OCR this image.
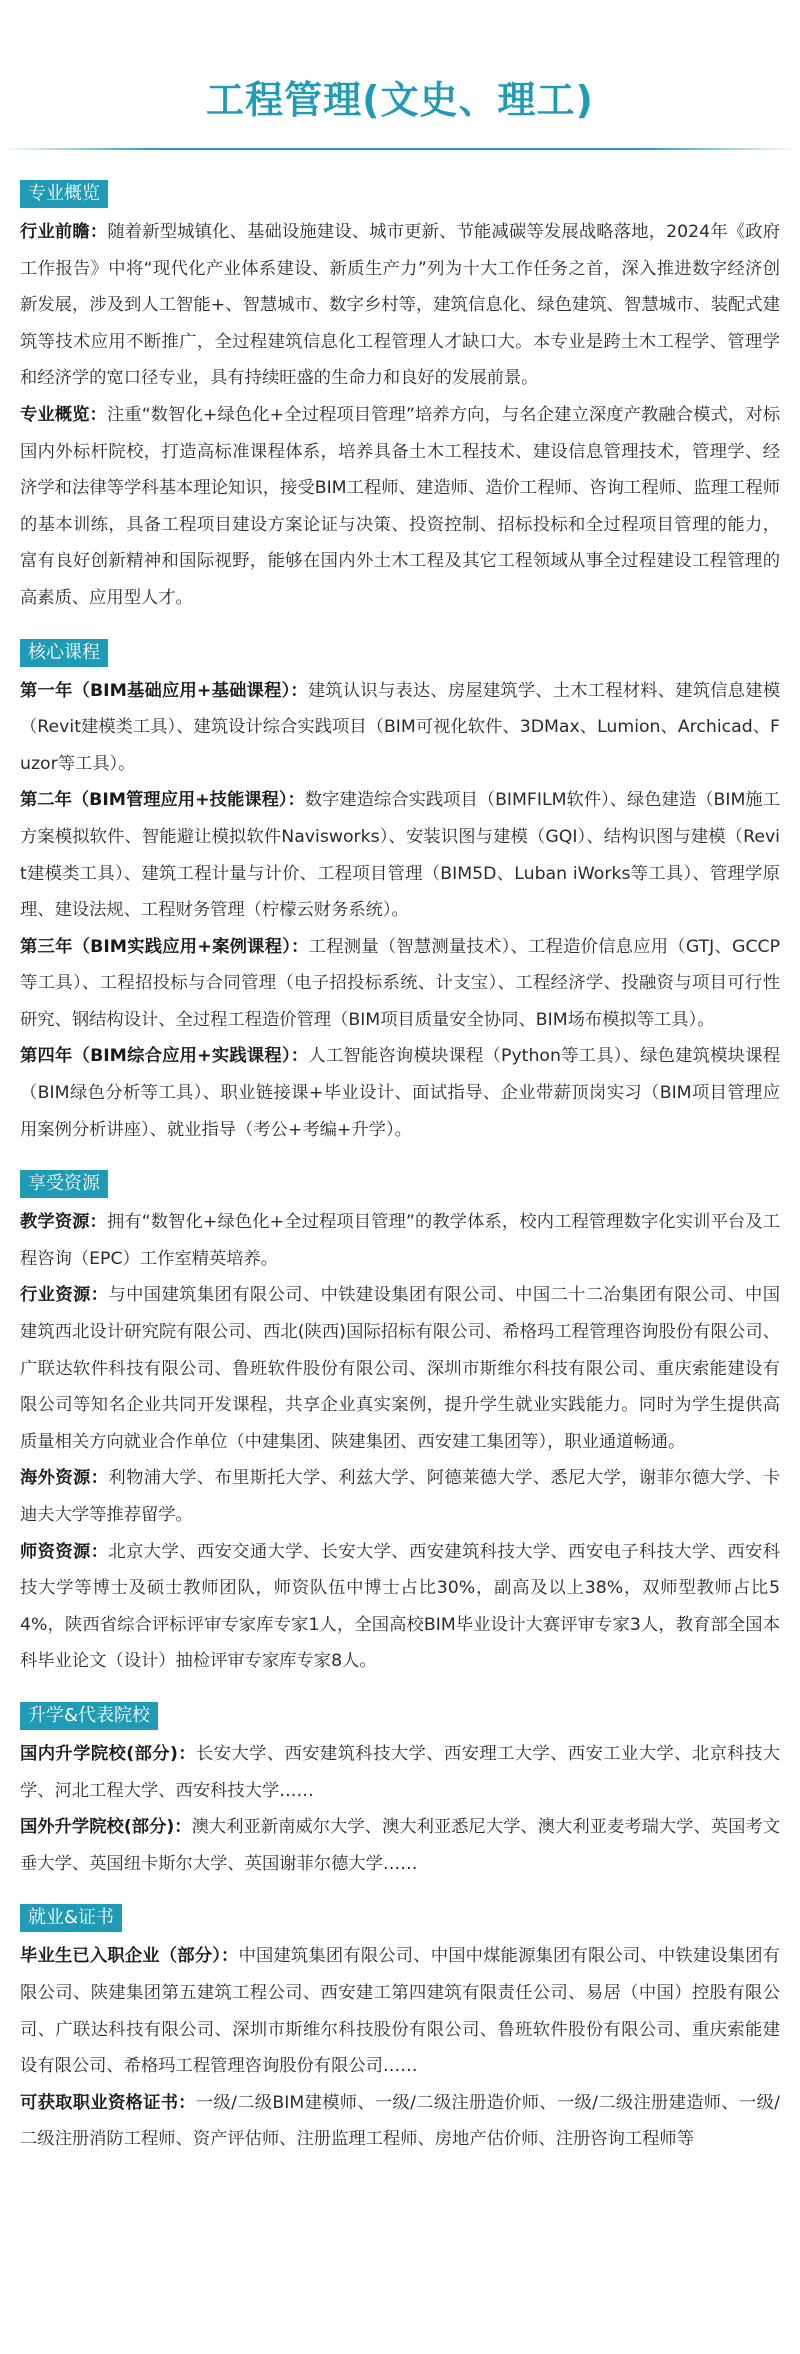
工程管理(文史、理工)
专业概览

行业前瞻：随着新型城镇化、基础设施建设、城市更新、节能减碳等发展战略落地，2024年《政府工作报告》中将“现代化产业体系建设、新质生产力”列为十大工作任务之首，深入推进数字经济创新发展，涉及到人工智能+、智慧城市、数字乡村等，建筑信息化、绿色建筑、智慧城市、装配式建筑等技术应用不断推广，全过程建筑信息化工程管理人才缺口大。本专业是跨土木工程学、管理学和经济学的宽口径专业，具有持续旺盛的生命力和良好的发展前景。

专业概览：注重“数智化+绿色化+全过程项目管理”培养方向，与名企建立深度产教融合模式，对标国内外标杆院校，打造高标准课程体系，培养具备土木工程技术、建设信息管理技术，管理学、经济学和法律等学科基本理论知识，接受BIM工程师、建造师、造价工程师、咨询工程师、监理工程师的基本训练，具备工程项目建设方案论证与决策、投资控制、招标投标和全过程项目管理的能力，富有良好创新精神和国际视野，能够在国内外土木工程及其它工程领域从事全过程建设工程管理的高素质、应用型人才。

核心课程

第一年（BIM基础应用+基础课程）：建筑认识与表达、房屋建筑学、土木工程材料、建筑信息建模（Revit建模类工具）、建筑设计综合实践项目（BIM可视化软件、3DMax、Lumion、Archicad、Fuzor等工具）。

第二年（BIM管理应用+技能课程）：数字建造综合实践项目（BIMFILM软件）、绿色建造（BIM施工方案模拟软件、智能避让模拟软件Navisworks）、安装识图与建模（GQI）、结构识图与建模（Revit建模类工具）、建筑工程计量与计价、工程项目管理（BIM5D、Luban iWorks等工具）、管理学原理、建设法规、工程财务管理（柠檬云财务系统）。

第三年（BIM实践应用+案例课程）：工程测量（智慧测量技术）、工程造价信息应用（GTJ、GCCP等工具）、工程招投标与合同管理（电子招投标系统、计支宝）、工程经济学、投融资与项目可行性研究、钢结构设计、全过程工程造价管理（BIM项目质量安全协同、BIM场布模拟等工具）。

第四年（BIM综合应用+实践课程）：人工智能咨询模块课程（Python等工具）、绿色建筑模块课程（BIM绿色分析等工具）、职业链接课+毕业设计、面试指导、企业带薪顶岗实习（BIM项目管理应用案例分析讲座）、就业指导（考公+考编+升学）。

享受资源

教学资源：拥有“数智化+绿色化+全过程项目管理”的教学体系，校内工程管理数字化实训平台及工程咨询（EPC）工作室精英培养。

行业资源：与中国建筑集团有限公司、中铁建设集团有限公司、中国二十二冶集团有限公司、中国建筑西北设计研究院有限公司、西北(陕西)国际招标有限公司、希格玛工程管理咨询股份有限公司、广联达软件科技有限公司、鲁班软件股份有限公司、深圳市斯维尔科技有限公司、重庆索能建设有限公司等知名企业共同开发课程，共享企业真实案例，提升学生就业实践能力。同时为学生提供高质量相关方向就业合作单位（中建集团、陕建集团、西安建工集团等），职业通道畅通。

海外资源：利物浦大学、布里斯托大学、利兹大学、阿德莱德大学、悉尼大学，谢菲尔德大学、卡迪夫大学等推荐留学。

师资资源：北京大学、西安交通大学、长安大学、西安建筑科技大学、西安电子科技大学、西安科技大学等博士及硕士教师团队，师资队伍中博士占比30%，副高及以上38%，双师型教师占比54%，陕西省综合评标评审专家库专家1人，全国高校BIM毕业设计大赛评审专家3人，教育部全国本科毕业论文（设计）抽检评审专家库专家8人。

升学&代表院校

国内升学院校(部分)：长安大学、西安建筑科技大学、西安理工大学、西安工业大学、北京科技大学、河北工程大学、西安科技大学……

国外升学院校(部分)：澳大利亚新南威尔大学、澳大利亚悉尼大学、澳大利亚麦考瑞大学、英国考文垂大学、英国纽卡斯尔大学、英国谢菲尔德大学……

就业&证书

毕业生已入职企业（部分）：中国建筑集团有限公司、中国中煤能源集团有限公司、中铁建设集团有限公司、陕建集团第五建筑工程公司、西安建工第四建筑有限责任公司、易居（中国）控股有限公司、广联达科技有限公司、深圳市斯维尔科技股份有限公司、鲁班软件股份有限公司、重庆索能建设有限公司、希格玛工程管理咨询股份有限公司……

可获取职业资格证书：一级/二级BIM建模师、一级/二级注册造价师、一级/二级注册建造师、一级/二级注册消防工程师、资产评估师、注册监理工程师、房地产估价师、注册咨询工程师等
